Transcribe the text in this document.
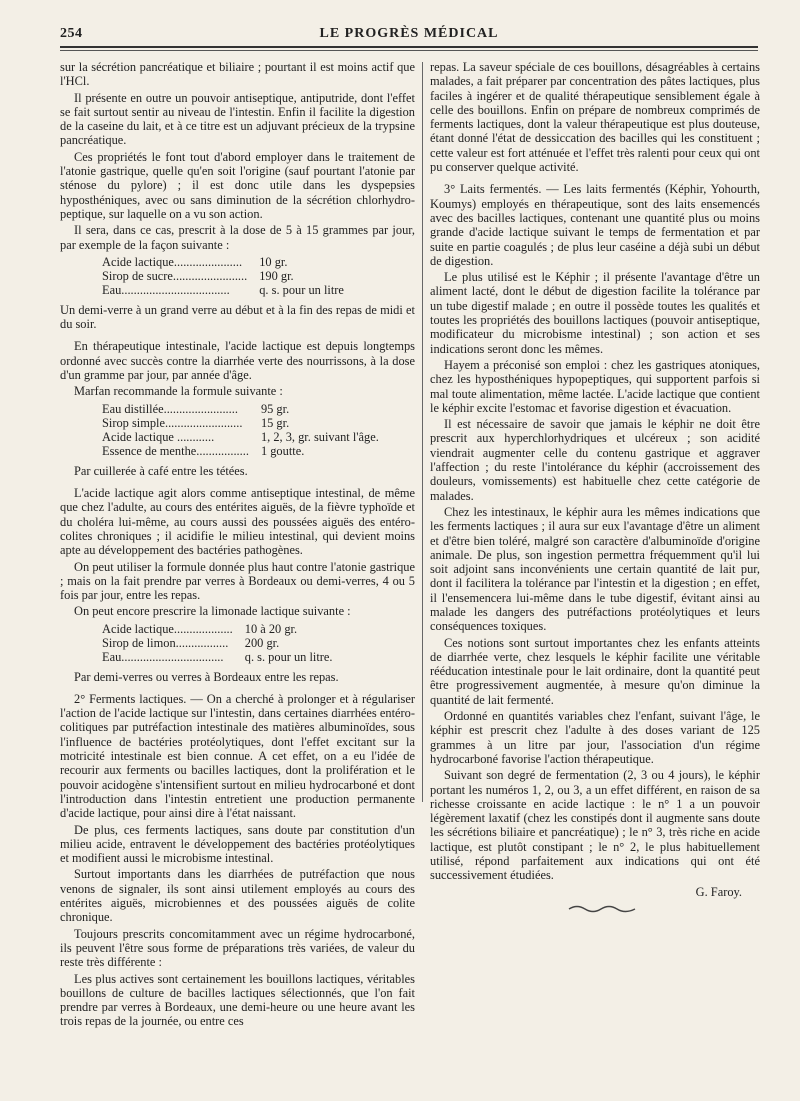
254	LE PROGRÈS MÉDICAL

sur la sécrétion pancréatique et biliaire ; pourtant il est moins actif que l'HCl.

Il présente en outre un pouvoir antiseptique, antiputride, dont l'effet se fait surtout sentir au niveau de l'intestin. Enfin il facilite la digestion de la caseine du lait, et à ce titre est un adjuvant précieux de la trypsine pancréatique.

Ces propriétés le font tout d'abord employer dans le traitement de l'atonie gastrique, quelle qu'en soit l'origine (sauf pourtant l'atonie par sténose du pylore) ; il est donc utile dans les dyspepsies hyposthéniques, avec ou sans diminution de la sécrétion chlorhydro-peptique, sur laquelle on a vu son action.

Il sera, dans ce cas, prescrit à la dose de 5 à 15 grammes par jour, par exemple de la façon suivante :

Acide lactique......................	10 gr.
Sirop de sucre........................	190 gr.
Eau...................................	q. s. pour un litre

Un demi-verre à un grand verre au début et à la fin des repas de midi et du soir.

En thérapeutique intestinale, l'acide lactique est depuis longtemps ordonné avec succès contre la diarrhée verte des nourrissons, à la dose d'un gramme par jour, par année d'âge.

Marfan recommande la formule suivante :

Eau distillée........................	95 gr.
Sirop simple.........................	15 gr.
Acide lactique ............	1, 2, 3, gr. suivant l'âge.
Essence de menthe.................	1 goutte.

Par cuillerée à café entre les tétées.

L'acide lactique agit alors comme antiseptique intestinal, de même que chez l'adulte, au cours des entérites aiguës, de la fièvre typhoïde et du choléra lui-même, au cours aussi des poussées aiguës des entéro-colites chroniques ; il acidifie le milieu intestinal, qui devient moins apte au développement des bactéries pathogènes.

On peut utiliser la formule donnée plus haut contre l'atonie gastrique ; mais on la fait prendre par verres à Bordeaux ou demi-verres, 4 ou 5 fois par jour, entre les repas.

On peut encore prescrire la limonade lactique suivante :

Acide lactique...................	10 à 20 gr.
Sirop de limon.................	200 gr.
Eau.................................	q. s. pour un litre.

Par demi-verres ou verres à Bordeaux entre les repas.

2° Ferments lactiques. — On a cherché à prolonger et à régulariser l'action de l'acide lactique sur l'intestin, dans certaines diarrhées entéro-colitiques par putréfaction intestinale des matières albuminoïdes, sous l'influence de bactéries protéolytiques, dont l'effet excitant sur la motricité intestinale est bien connue. A cet effet, on a eu l'idée de recourir aux ferments ou bacilles lactiques, dont la prolifération et le pouvoir acidogène s'intensifient surtout en milieu hydrocarboné et dont l'introduction dans l'intestin entretient une production permanente d'acide lactique, pour ainsi dire à l'état naissant.

De plus, ces ferments lactiques, sans doute par constitution d'un milieu acide, entravent le développement des bactéries protéolytiques et modifient aussi le microbisme intestinal.

Surtout importants dans les diarrhées de putréfaction que nous venons de signaler, ils sont ainsi utilement employés au cours des entérites aiguës, microbiennes et des poussées aiguës de colite chronique.

Toujours prescrits concomitamment avec un régime hydrocarboné, ils peuvent l'être sous forme de préparations très variées, de valeur du reste très différente :

Les plus actives sont certainement les bouillons lactiques, véritables bouillons de culture de bacilles lactiques sélectionnés, que l'on fait prendre par verres à Bordeaux, une demi-heure ou une heure avant les trois repas de la journée, ou entre ces

repas. La saveur spéciale de ces bouillons, désagréables à certains malades, a fait préparer par concentration des pâtes lactiques, plus faciles à ingérer et de qualité thérapeutique sensiblement égale à celle des bouillons. Enfin on prépare de nombreux comprimés de ferments lactiques, dont la valeur thérapeutique est plus douteuse, étant donné l'état de dessiccation des bacilles qui les constituent ; cette valeur est fort atténuée et l'effet très ralenti pour ceux qui ont pu conserver quelque activité.

3° Laits fermentés. — Les laits fermentés (Képhir, Yohourth, Koumys) employés en thérapeutique, sont des laits ensemencés avec des bacilles lactiques, contenant une quantité plus ou moins grande d'acide lactique suivant le temps de fermentation et par suite en partie coagulés ; de plus leur caséine a déjà subi un début de digestion.

Le plus utilisé est le Képhir ; il présente l'avantage d'être un aliment lacté, dont le début de digestion facilite la tolérance par un tube digestif malade ; en outre il possède toutes les qualités et toutes les propriétés des bouillons lactiques (pouvoir antiseptique, modificateur du microbisme intestinal) ; son action et ses indications seront donc les mêmes.

Hayem a préconisé son emploi : chez les gastriques atoniques, chez les hyposthéniques hypopeptiques, qui supportent parfois si mal toute alimentation, même lactée. L'acide lactique que contient le képhir excite l'estomac et favorise digestion et évacuation.

Il est nécessaire de savoir que jamais le képhir ne doit être prescrit aux hyperchlorhydriques et ulcéreux ; son acidité viendrait augmenter celle du contenu gastrique et aggraver l'affection ; du reste l'intolérance du képhir (accroissement des douleurs, vomissements) est habituelle chez cette catégorie de malades.

Chez les intestinaux, le képhir aura les mêmes indications que les ferments lactiques ; il aura sur eux l'avantage d'être un aliment et d'être bien toléré, malgré son caractère d'albuminoïde d'origine animale. De plus, son ingestion permettra fréquemment qu'il lui soit adjoint sans inconvénients une certain quantité de lait pur, dont il facilitera la tolérance par l'intestin et la digestion ; en effet, il l'ensemencera lui-même dans le tube digestif, évitant ainsi au malade les dangers des putréfactions protéolytiques et leurs conséquences toxiques.

Ces notions sont surtout importantes chez les enfants atteints de diarrhée verte, chez lesquels le képhir facilite une véritable rééducation intestinale pour le lait ordinaire, dont la quantité peut être progressivement augmentée, à mesure qu'on diminue la quantité de lait fermenté.

Ordonné en quantités variables chez l'enfant, suivant l'âge, le képhir est prescrit chez l'adulte à des doses variant de 125 grammes à un litre par jour, l'association d'un régime hydrocarboné favorise l'action thérapeutique.

Suivant son degré de fermentation (2, 3 ou 4 jours), le képhir portant les numéros 1, 2, ou 3, a un effet différent, en raison de sa richesse croissante en acide lactique : le n° 1 a un pouvoir légèrement laxatif (chez les constipés dont il augmente sans doute les sécrétions biliaire et pancréatique) ; le n° 3, très riche en acide lactique, est plutôt constipant ; le n° 2, le plus habituellement utilisé, répond parfaitement aux indications qui ont été successivement étudiées.

G. Faroy.
